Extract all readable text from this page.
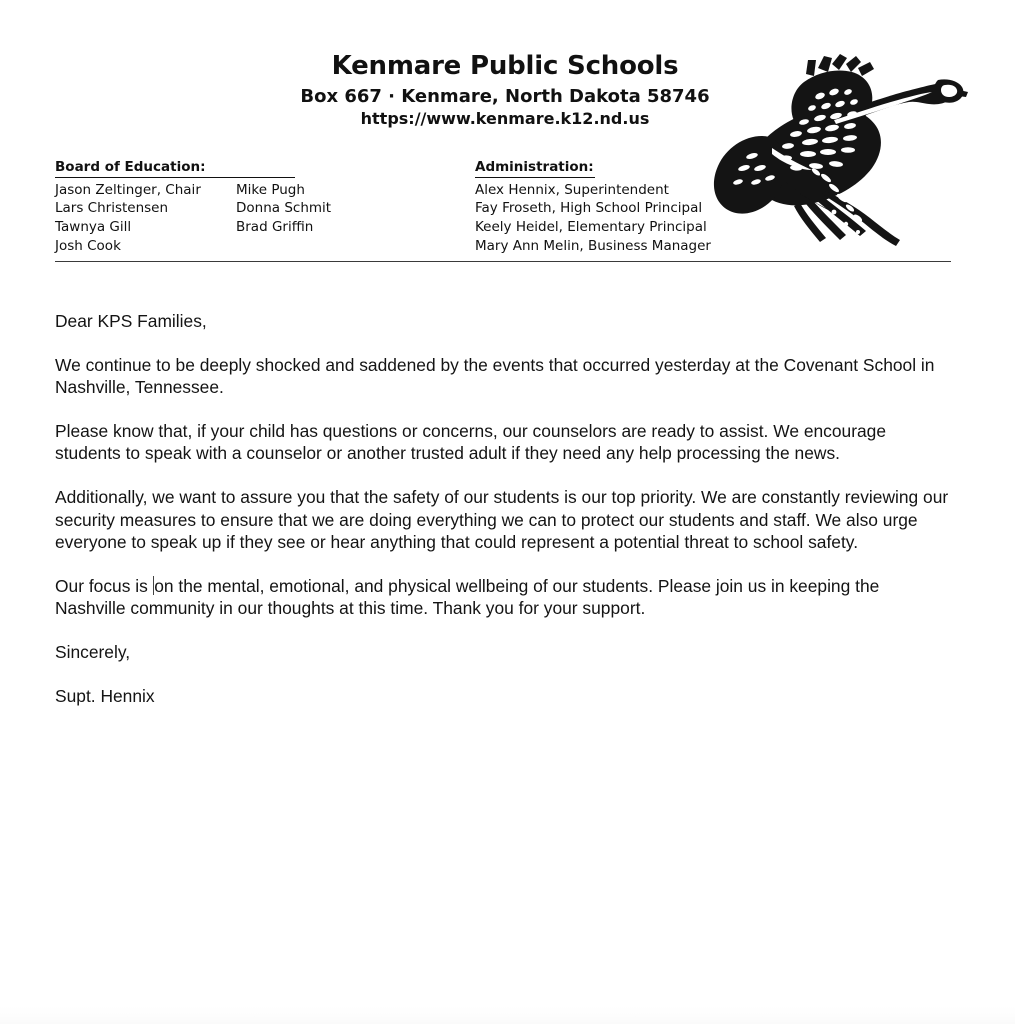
Kenmare Public Schools
Box 667 · Kenmare, North Dakota 58746
https://www.kenmare.k12.nd.us
Board of Education:
Jason Zeltinger, Chair	Mike Pugh
Lars Christensen	Donna Schmit
Tawnya Gill	Brad Griffin
Josh Cook
Administration:
Alex Hennix, Superintendent
Fay Froseth, High School Principal
Keely Heidel, Elementary Principal
Mary Ann Melin, Business Manager

Dear KPS Families,

We continue to be deeply shocked and saddened by the events that occurred yesterday at the Covenant School in Nashville, Tennessee.

Please know that, if your child has questions or concerns, our counselors are ready to assist. We encourage students to speak with a counselor or another trusted adult if they need any help processing the news.

Additionally, we want to assure you that the safety of our students is our top priority. We are constantly reviewing our security measures to ensure that we are doing everything we can to protect our students and staff. We also urge everyone to speak up if they see or hear anything that could represent a potential threat to school safety.

Our focus is on the mental, emotional, and physical wellbeing of our students. Please join us in keeping the Nashville community in our thoughts at this time. Thank you for your support.

Sincerely,

Supt. Hennix
